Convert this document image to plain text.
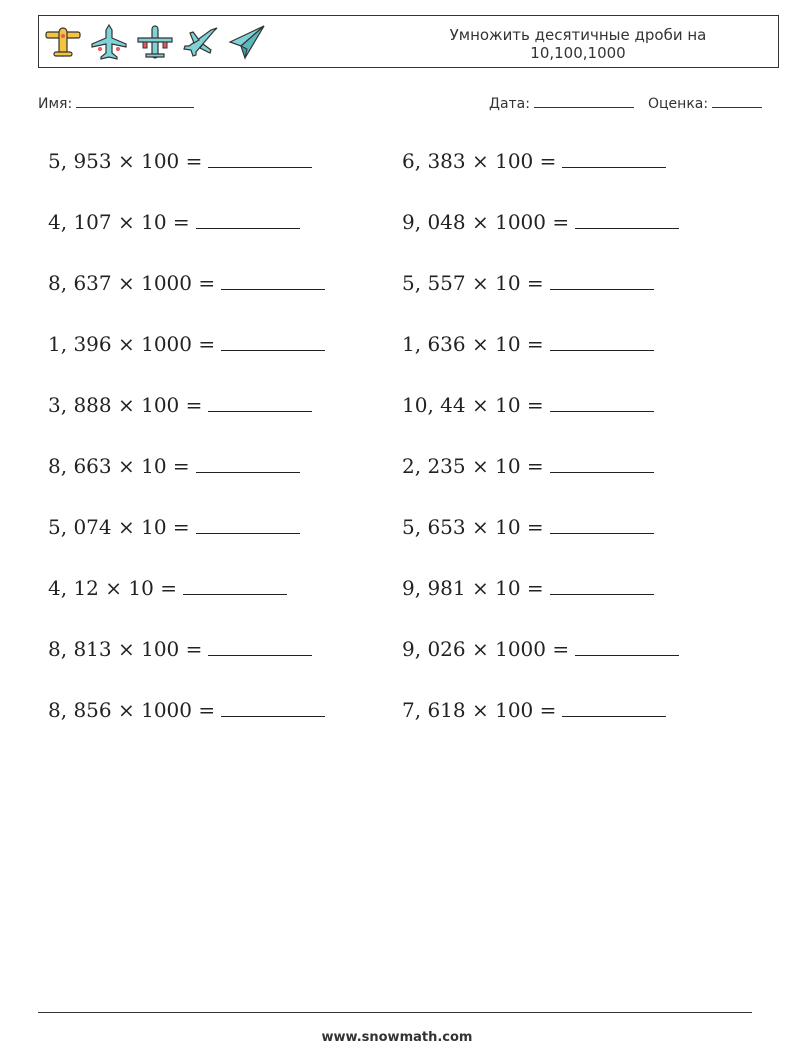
Умножить десятичные дроби на
10,100,1000
Имя:	Дата:	Оценка:
5, 953 × 100 =	6, 383 × 100 =
4, 107 × 10 =	9, 048 × 1000 =
8, 637 × 1000 =	5, 557 × 10 =
1, 396 × 1000 =	1, 636 × 10 =
3, 888 × 100 =	10, 44 × 10 =
8, 663 × 10 =	2, 235 × 10 =
5, 074 × 10 =	5, 653 × 10 =
4, 12 × 10 =	9, 981 × 10 =
8, 813 × 100 =	9, 026 × 1000 =
8, 856 × 1000 =	7, 618 × 100 =
www.snowmath.com
